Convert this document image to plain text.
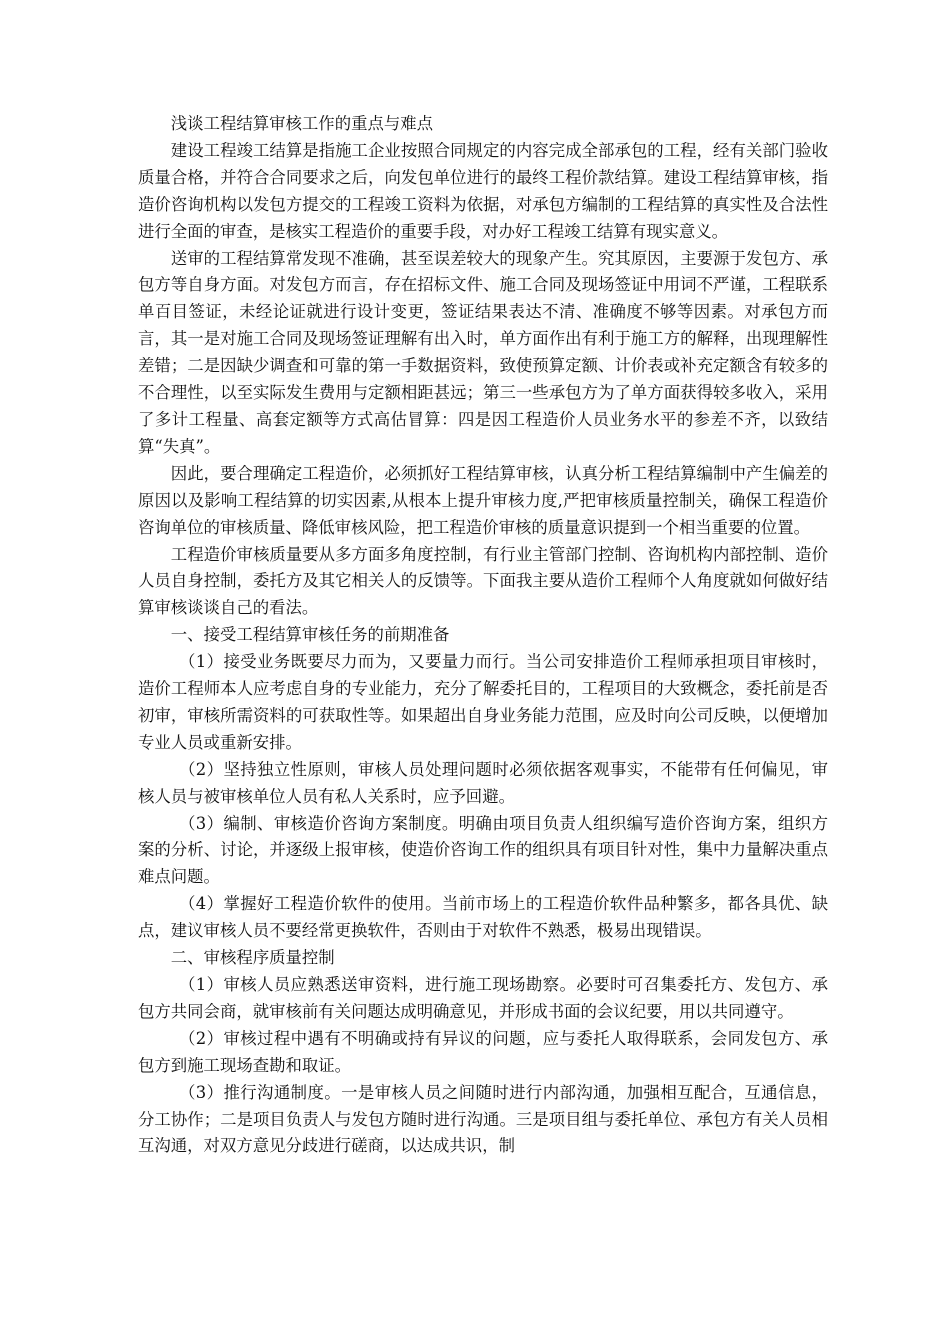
浅谈工程结算审核工作的重点与难点

建设工程竣工结算是指施工企业按照合同规定的内容完成全部承包的工程，经有关部门验收质量合格，并符合合同要求之后，向发包单位进行的最终工程价款结算。建设工程结算审核，指造价咨询机构以发包方提交的工程竣工资料为依据，对承包方编制的工程结算的真实性及合法性进行全面的审查，是核实工程造价的重要手段，对办好工程竣工结算有现实意义。

送审的工程结算常发现不准确，甚至误差较大的现象产生。究其原因，主要源于发包方、承包方等自身方面。对发包方而言，存在招标文件、施工合同及现场签证中用词不严谨，工程联系单百目签证，未经论证就进行设计变更，签证结果表达不清、准确度不够等因素。对承包方而言，其一是对施工合同及现场签证理解有出入时，单方面作出有利于施工方的解释，出现理解性差错；二是因缺少调查和可靠的第一手数据资料，致使预算定额、计价表或补充定额含有较多的不合理性，以至实际发生费用与定额相距甚远；第三一些承包方为了单方面获得较多收入，采用了多计工程量、高套定额等方式高估冒算：四是因工程造价人员业务水平的参差不齐，以致结算“失真”。

因此，要合理确定工程造价，必须抓好工程结算审核，认真分析工程结算编制中产生偏差的原因以及影响工程结算的切实因素,从根本上提升审核力度,严把审核质量控制关，确保工程造价咨询单位的审核质量、降低审核风险，把工程造价审核的质量意识提到一个相当重要的位置。

工程造价审核质量要从多方面多角度控制，有行业主管部门控制、咨询机构内部控制、造价人员自身控制，委托方及其它相关人的反馈等。下面我主要从造价工程师个人角度就如何做好结算审核谈谈自己的看法。

一、接受工程结算审核任务的前期准备

（1）接受业务既要尽力而为，又要量力而行。当公司安排造价工程师承担项目审核时，造价工程师本人应考虑自身的专业能力，充分了解委托目的，工程项目的大致概念，委托前是否初审，审核所需资料的可获取性等。如果超出自身业务能力范围，应及时向公司反映，以便增加专业人员或重新安排。

（2）坚持独立性原则，审核人员处理问题时必须依据客观事实，不能带有任何偏见，审核人员与被审核单位人员有私人关系时，应予回避。

（3）编制、审核造价咨询方案制度。明确由项目负责人组织编写造价咨询方案，组织方案的分析、讨论，并逐级上报审核，使造价咨询工作的组织具有项目针对性，集中力量解决重点难点问题。

（4）掌握好工程造价软件的使用。当前市场上的工程造价软件品种繁多，都各具优、缺点，建议审核人员不要经常更换软件，否则由于对软件不熟悉，极易出现错误。

二、审核程序质量控制

（1）审核人员应熟悉送审资料，进行施工现场勘察。必要时可召集委托方、发包方、承包方共同会商，就审核前有关问题达成明确意见，并形成书面的会议纪要，用以共同遵守。

（2）审核过程中遇有不明确或持有异议的问题，应与委托人取得联系，会同发包方、承包方到施工现场查勘和取证。

（3）推行沟通制度。一是审核人员之间随时进行内部沟通，加强相互配合，互通信息，分工协作；二是项目负责人与发包方随时进行沟通。三是项目组与委托单位、承包方有关人员相互沟通，对双方意见分歧进行磋商，以达成共识，制
